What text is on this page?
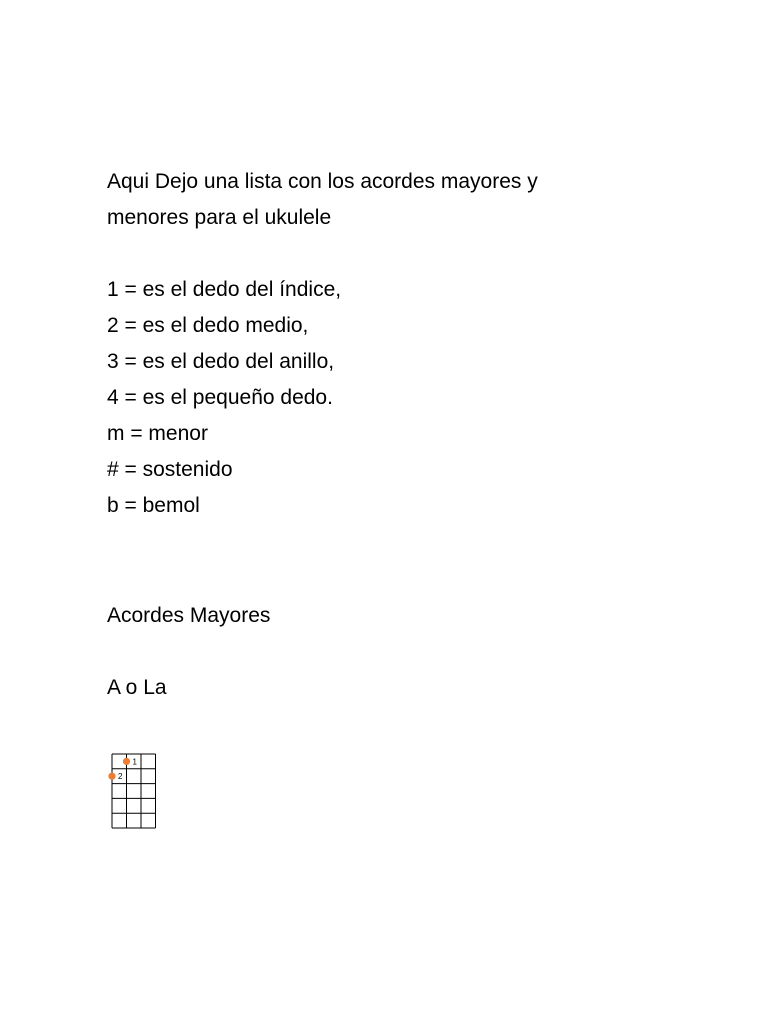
Aqui Dejo una lista con los acordes mayores y
menores para el ukulele
1 = es el dedo del índice,
2 = es el dedo medio,
3 = es el dedo del anillo,
4 = es el pequeño dedo.
m = menor
# = sostenido
b = bemol
Acordes Mayores
A o La
1
2
